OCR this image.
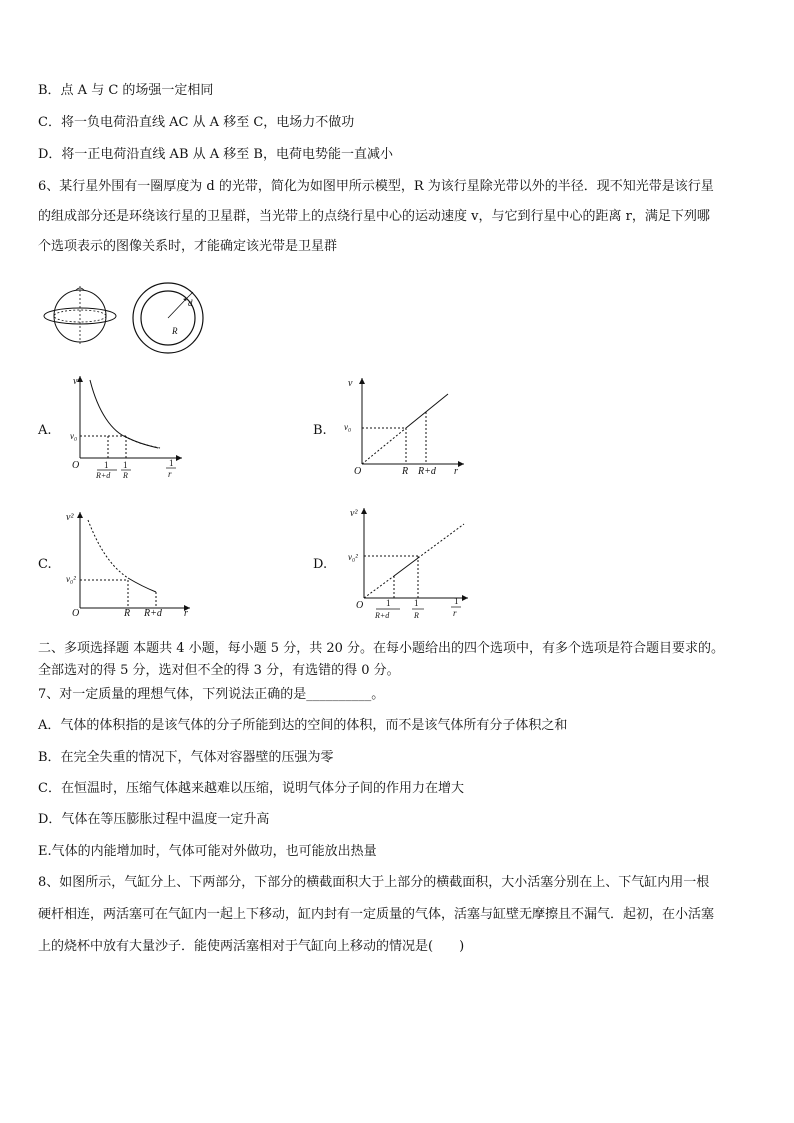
B．点 A 与 C 的场强一定相同
C．将一负电荷沿直线 AC 从 A 移至 C，电场力不做功
D．将一正电荷沿直线 AB 从 A 移至 B，电荷电势能一直减小
6、某行星外围有一圈厚度为 d 的光带，简化为如图甲所示模型，R 为该行星除光带以外的半径．现不知光带是该行星
的组成部分还是环绕该行星的卫星群，当光带上的点绕行星中心的运动速度 v，与它到行星中心的距离 r，满足下列哪
个选项表示的图像关系时，才能确定该光带是卫星群
R
d
A.
v
v₀
O	1
R+d
1
R
1
r
B.
v
v₀
O	R R+d r
C.
v²
v₀²
O	R R+d r
D.
v²
v₀²
O	1
R+d
1
R
1
r
二、多项选择题 本题共 4 小题，每小题 5 分，共 20 分。在每小题给出的四个选项中，有多个选项是符合题目要求的。
全部选对的得 5 分，选对但不全的得 3 分，有选错的得 0 分。
7、对一定质量的理想气体，下列说法正确的是__________。
A．气体的体积指的是该气体的分子所能到达的空间的体积，而不是该气体所有分子体积之和
B．在完全失重的情况下，气体对容器壁的压强为零
C．在恒温时，压缩气体越来越难以压缩，说明气体分子间的作用力在增大
D．气体在等压膨胀过程中温度一定升高
E.气体的内能增加时，气体可能对外做功，也可能放出热量
8、如图所示，气缸分上、下两部分，下部分的横截面积大于上部分的横截面积，大小活塞分别在上、下气缸内用一根
硬杆相连，两活塞可在气缸内一起上下移动，缸内封有一定质量的气体，活塞与缸壁无摩擦且不漏气．起初，在小活塞
上的烧杯中放有大量沙子．能使两活塞相对于气缸向上移动的情况是(　　)
